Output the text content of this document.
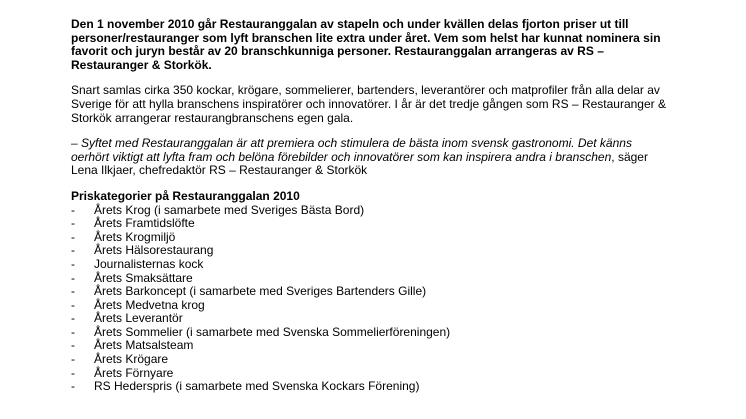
Den 1 november 2010 går Restauranggalan av stapeln och under kvällen delas fjorton priser ut till personer/restauranger som lyft branschen lite extra under året. Vem som helst har kunnat nominera sin favorit och juryn består av 20 branschkunniga personer. Restauranggalan arrangeras av RS – Restauranger & Storkök.

Snart samlas cirka 350 kockar, krögare, sommelierer, bartenders, leverantörer och matprofiler från alla delar av Sverige för att hylla branschens inspiratörer och innovatörer. I år är det tredje gången som RS – Restauranger & Storkök arrangerar restaurangbranschens egen gala.

– Syftet med Restauranggalan är att premiera och stimulera de bästa inom svensk gastronomi. Det känns oerhört viktigt att lyfta fram och belöna förebilder och innovatörer som kan inspirera andra i branschen, säger Lena Ilkjaer, chefredaktör RS – Restauranger & Storkök

Priskategorier på Restauranggalan 2010

- Årets Krog (i samarbete med Sveriges Bästa Bord)
- Årets Framtidslöfte
- Årets Krogmiljö
- Årets Hälsorestaurang
- Journalisternas kock
- Årets Smaksättare
- Årets Barkoncept (i samarbete med Sveriges Bartenders Gille)
- Årets Medvetna krog
- Årets Leverantör
- Årets Sommelier (i samarbete med Svenska Sommelierföreningen)
- Årets Matsalsteam
- Årets Krögare
- Årets Förnyare
- RS Hederspris (i samarbete med Svenska Kockars Förening)
